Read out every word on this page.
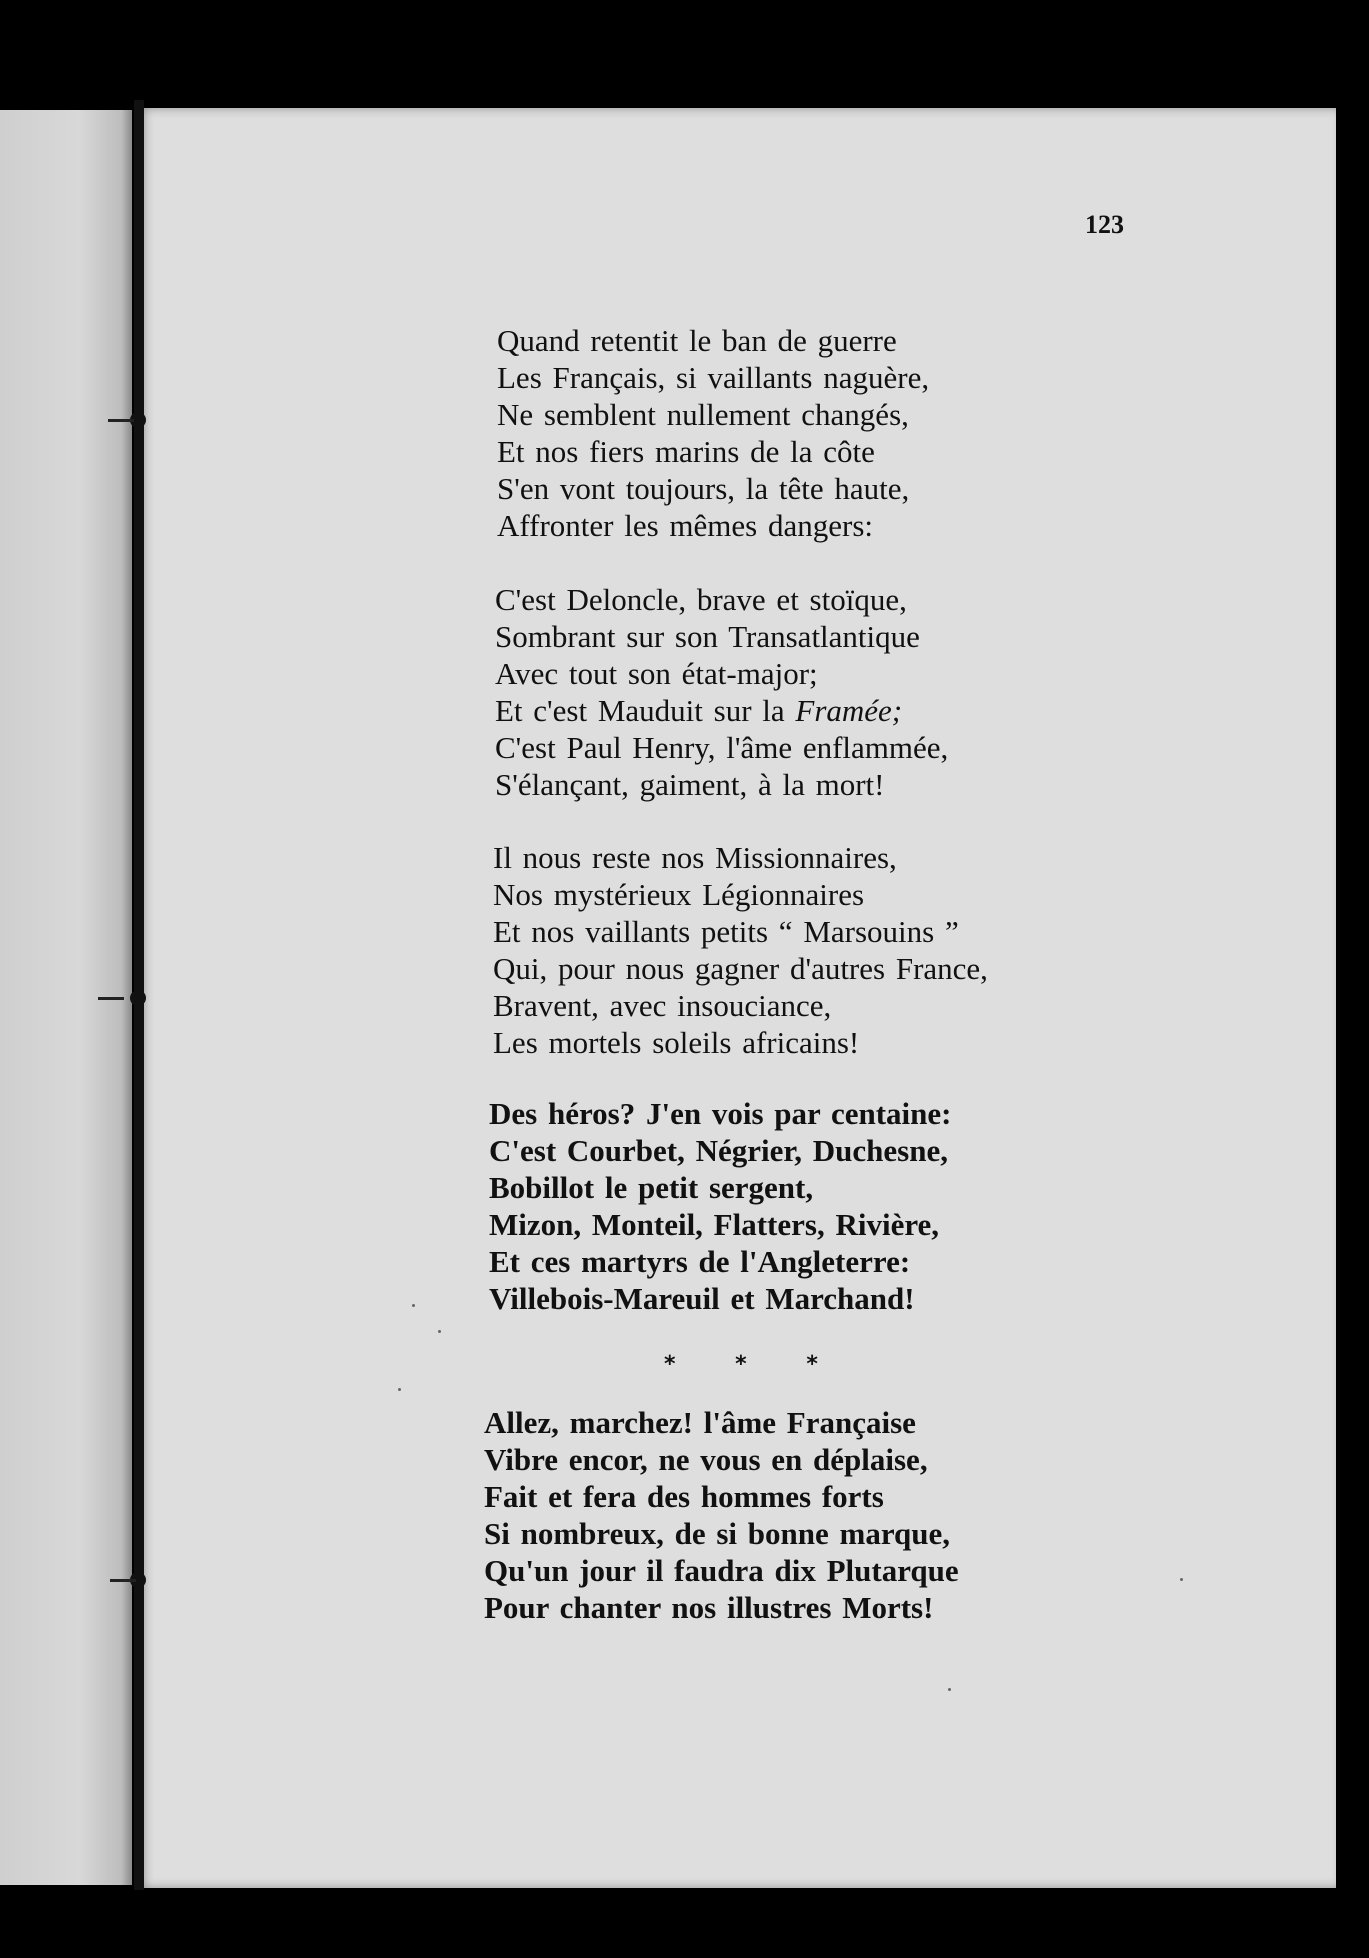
123
Quand retentit le ban de guerre
Les Français, si vaillants naguère,
Ne semblent nullement changés,
Et nos fiers marins de la côte
S'en vont toujours, la tête haute,
Affronter les mêmes dangers:
C'est Deloncle, brave et stoïque,
Sombrant sur son Transatlantique
Avec tout son état-major;
Et c'est Mauduit sur la Framée;
C'est Paul Henry, l'âme enflammée,
S'élançant, gaiment, à la mort!
Il nous reste nos Missionnaires,
Nos mystérieux Légionnaires
Et nos vaillants petits “ Marsouins ”
Qui, pour nous gagner d'autres France,
Bravent, avec insouciance,
Les mortels soleils africains!
Des héros? J'en vois par centaine:
C'est Courbet, Négrier, Duchesne,
Bobillot le petit sergent,
Mizon, Monteil, Flatters, Rivière,
Et ces martyrs de l'Angleterre:
Villebois-Mareuil et Marchand!
* * *
Allez, marchez! l'âme Française
Vibre encor, ne vous en déplaise,
Fait et fera des hommes forts
Si nombreux, de si bonne marque,
Qu'un jour il faudra dix Plutarque
Pour chanter nos illustres Morts!
